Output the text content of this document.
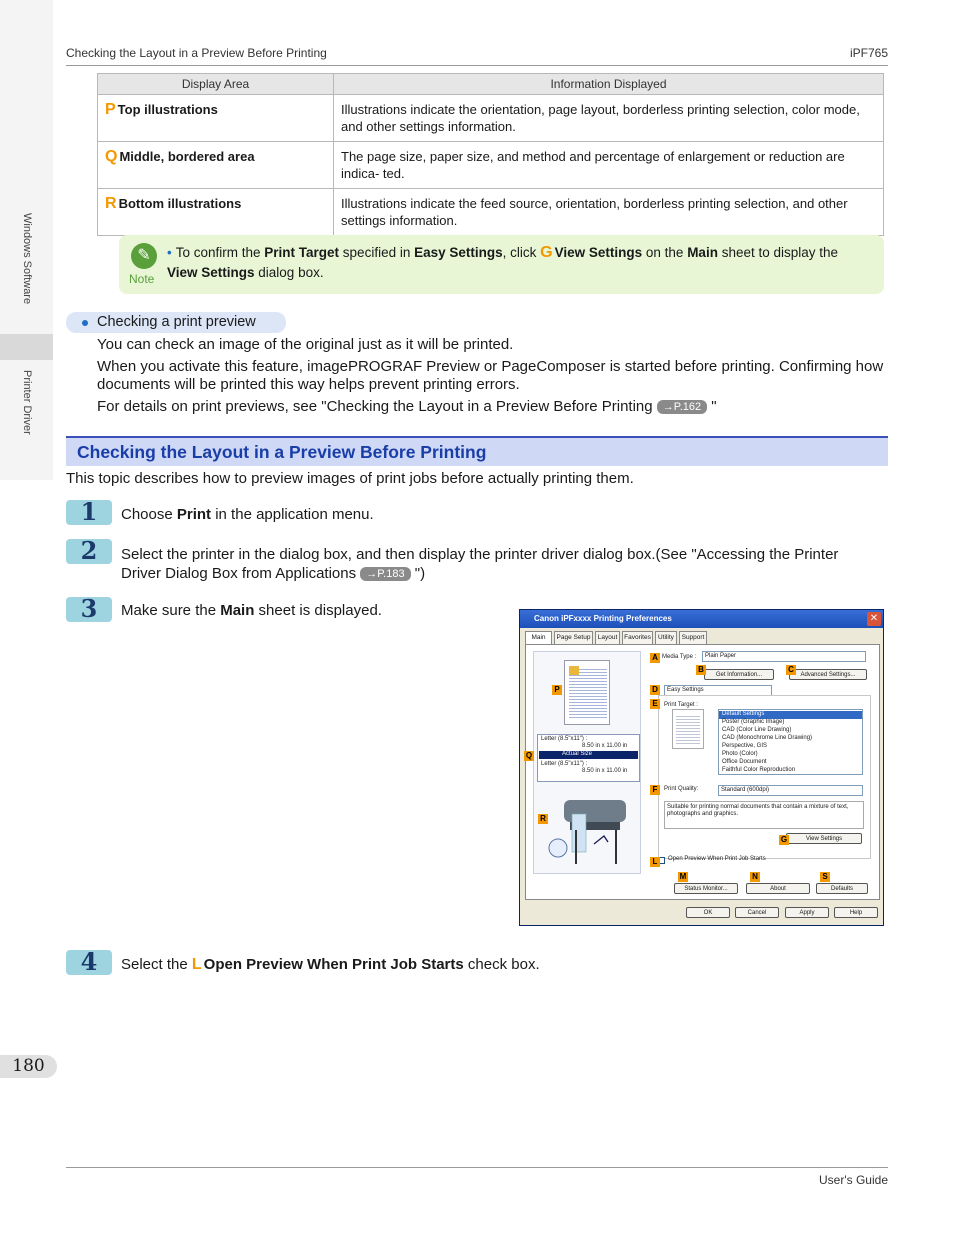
Checking the Layout in a Preview Before Printing	iPF765
Windows Software
Printer Driver
Display Area	Information Displayed
P Top illustrations	Illustrations indicate the orientation, page layout, borderless printing selection, color mode, and other settings information.
Q Middle, bordered area	The page size, paper size, and method and percentage of enlargement or reduction are indica- ted.
R Bottom illustrations	Illustrations indicate the feed source, orientation, borderless printing selection, and other settings information.
✎
Note
• To confirm the Print Target specified in Easy Settings, click G View Settings on the Main sheet to display the View Settings dialog box.
Checking a print preview
You can check an image of the original just as it will be printed.
When you activate this feature, imagePROGRAF Preview or PageComposer is started before printing. Confirming how documents will be printed this way helps prevent printing errors.
For details on print previews, see "Checking the Layout in a Preview Before Printing →P.162 "
Checking the Layout in a Preview Before Printing
This topic describes how to preview images of print jobs before actually printing them.
1	Choose Print in the application menu.
2	Select the printer in the dialog box, and then display the printer driver dialog box.(See "Accessing the Printer Driver Dialog Box from Applications →P.183 ")
3	Make sure the Main sheet is displayed.	Canon iPFxxxx Printing Preferences	✕
Main	Page Setup	Layout	Favorites	Utility	Support
Letter (8.5"x11") :
8.50 in x 11.00 in
Actual Size
Letter (8.5"x11") :
8.50 in x 11.00 in
Media Type :	Plain Paper
Get Information...	Advanced Settings...
Easy Settings
Print Target :
Default Settings
Poster (Graphic Image)
CAD (Color Line Drawing)
CAD (Monochrome Line Drawing)
Perspective, GIS
Photo (Color)
Office Document
Faithful Color Reproduction
Print Quality:	Standard (600dpi)
Suitable for printing normal documents that contain a mixture of text, photographs and graphics.
View Settings
Open Preview When Print Job Starts
Status Monitor...	About	Defaults
A
B	C
D
E
F
G
L
M	N	S
P
Q
R
OK	Cancel	Apply	Help
4	Select the L Open Preview When Print Job Starts check box.
180
User's Guide
